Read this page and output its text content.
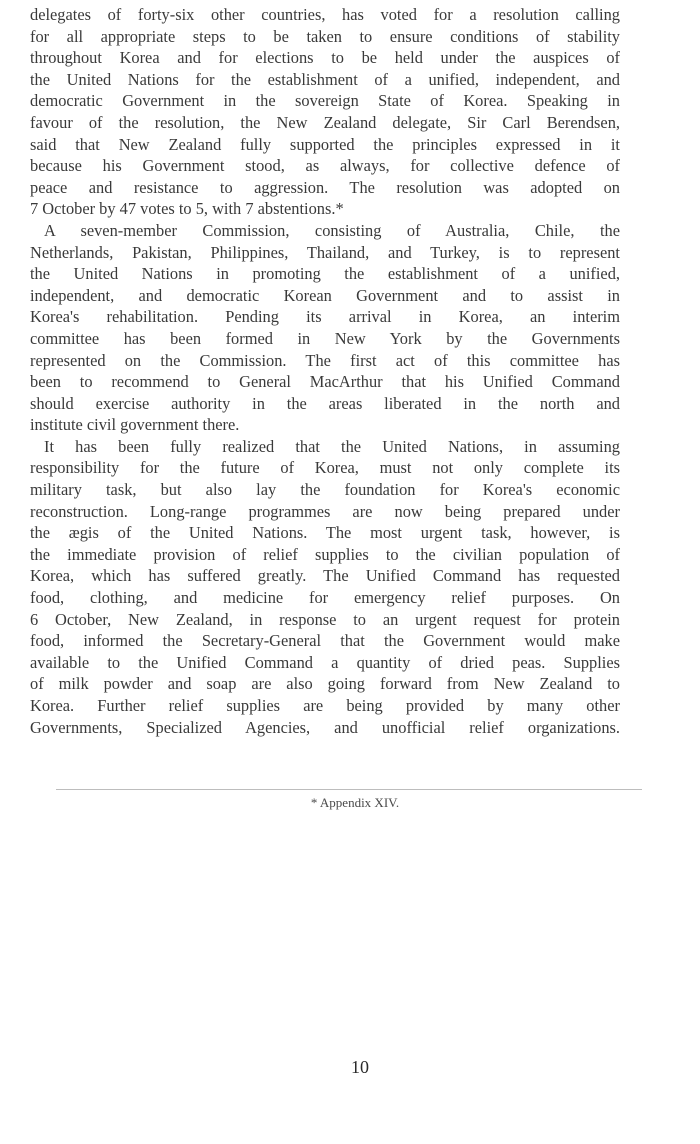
delegates of forty-six other countries, has voted for a resolution calling
for all appropriate steps to be taken to ensure conditions of stability
throughout Korea and for elections to be held under the auspices of
the United Nations for the establishment of a unified, independent, and
democratic Government in the sovereign State of Korea. Speaking in
favour of the resolution, the New Zealand delegate, Sir Carl Berendsen,
said that New Zealand fully supported the principles expressed in it
because his Government stood, as always, for collective defence of
peace and resistance to aggression. The resolution was adopted on
7 October by 47 votes to 5, with 7 abstentions.*
A seven-member Commission, consisting of Australia, Chile, the
Netherlands, Pakistan, Philippines, Thailand, and Turkey, is to represent
the United Nations in promoting the establishment of a unified,
independent, and democratic Korean Government and to assist in
Korea's rehabilitation. Pending its arrival in Korea, an interim
committee has been formed in New York by the Governments
represented on the Commission. The first act of this committee has
been to recommend to General MacArthur that his Unified Command
should exercise authority in the areas liberated in the north and
institute civil government there.
It has been fully realized that the United Nations, in assuming
responsibility for the future of Korea, must not only complete its
military task, but also lay the foundation for Korea's economic
reconstruction. Long-range programmes are now being prepared under
the ægis of the United Nations. The most urgent task, however, is
the immediate provision of relief supplies to the civilian population of
Korea, which has suffered greatly. The Unified Command has requested
food, clothing, and medicine for emergency relief purposes. On
6 October, New Zealand, in response to an urgent request for protein
food, informed the Secretary-General that the Government would make
available to the Unified Command a quantity of dried peas. Supplies
of milk powder and soap are also going forward from New Zealand to
Korea. Further relief supplies are being provided by many other
Governments, Specialized Agencies, and unofficial relief organizations.
* Appendix XIV.
10
